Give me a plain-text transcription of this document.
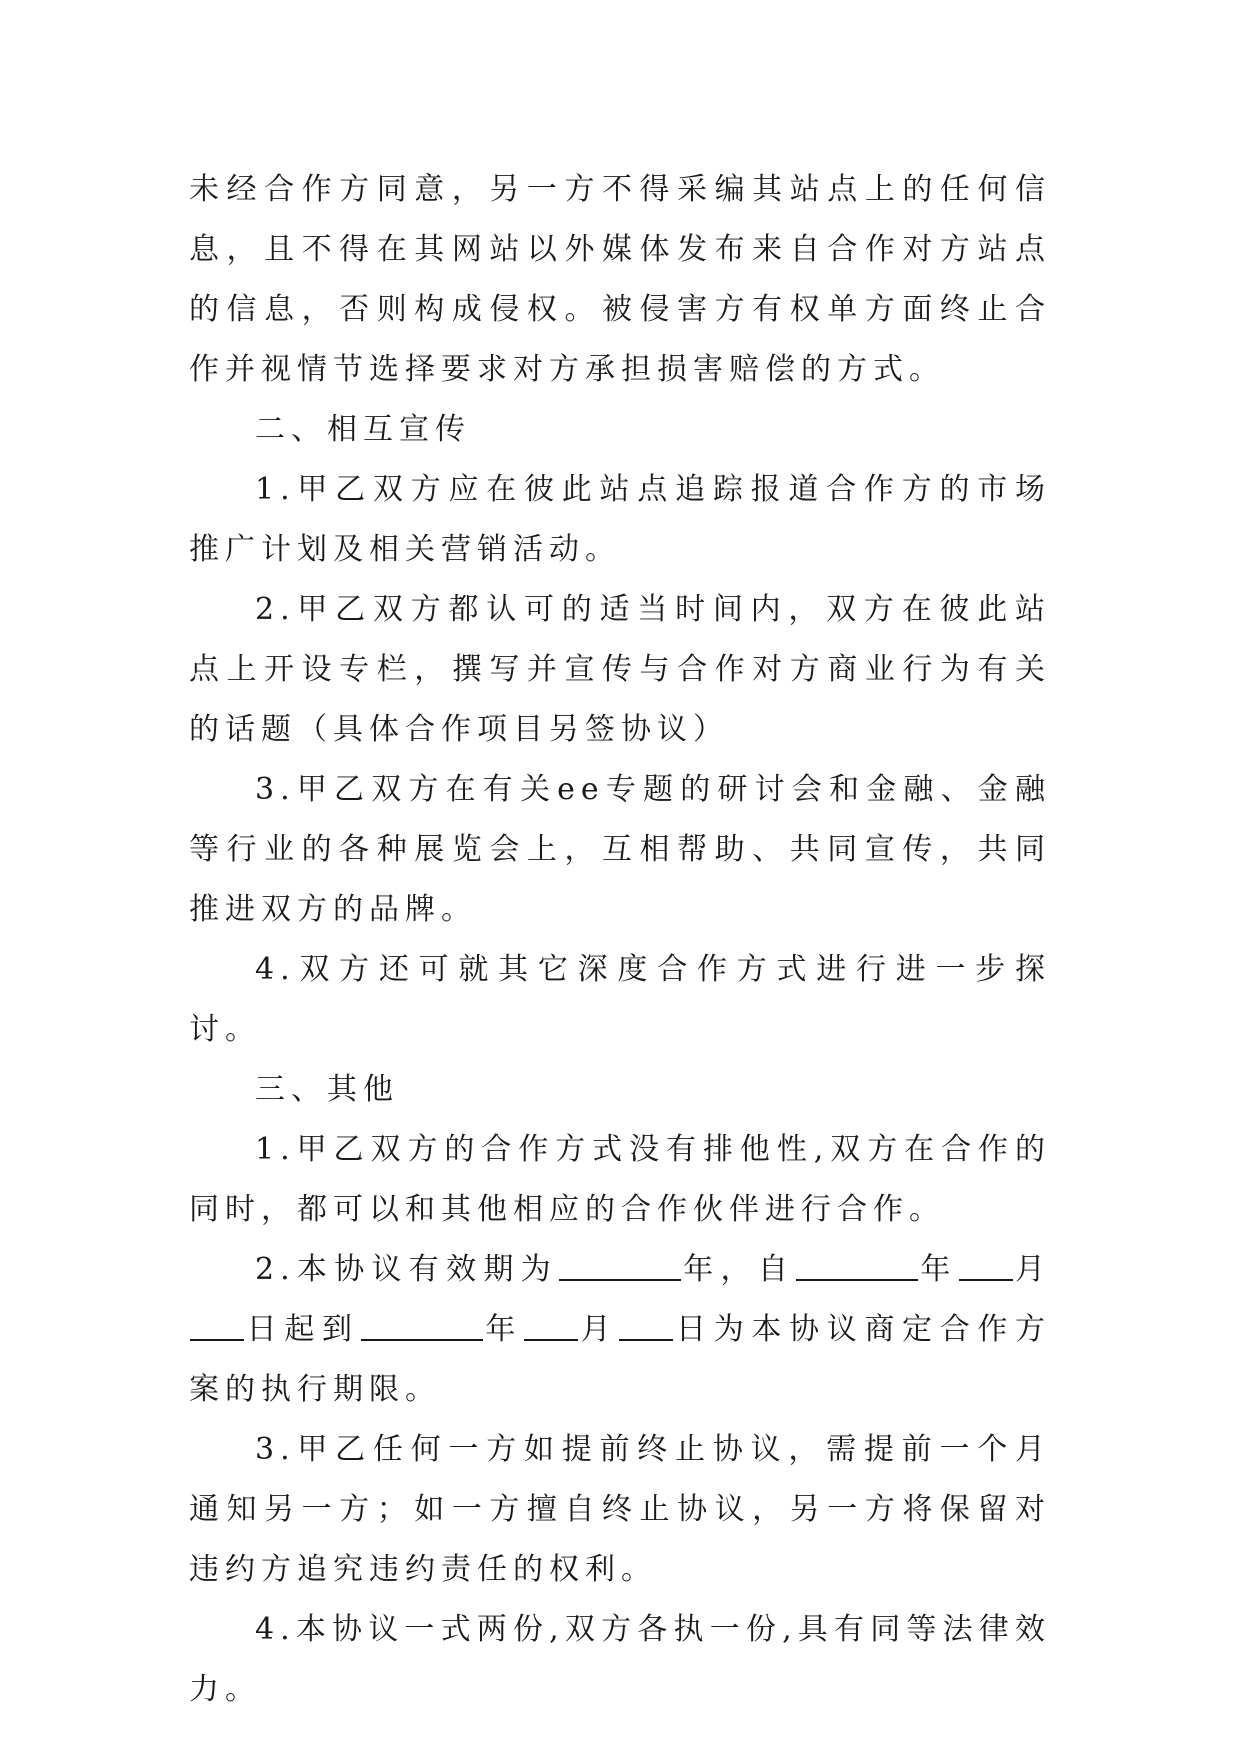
未经合作方同意，另一方不得采编其站点上的任何信息，且不得在其网站以外媒体发布来自合作对方站点的信息，否则构成侵权。被侵害方有权单方面终止合作并视情节选择要求对方承担损害赔偿的方式。

二、相互宣传

1.甲乙双方应在彼此站点追踪报道合作方的市场推广计划及相关营销活动。

2.甲乙双方都认可的适当时间内，双方在彼此站点上开设专栏，撰写并宣传与合作对方商业行为有关的话题（具体合作项目另签协议）

3.甲乙双方在有关ee专题的研讨会和金融、金融等行业的各种展览会上，互相帮助、共同宣传，共同推进双方的品牌。

4.双方还可就其它深度合作方式进行进一步探讨。

三、其他

1.甲乙双方的合作方式没有排他性,双方在合作的同时，都可以和其他相应的合作伙伴进行合作。

2.本协议有效期为	年，自	年 月日起到	年 月 日为本协议商定合作方案的执行期限。

3.甲乙任何一方如提前终止协议，需提前一个月通知另一方；如一方擅自终止协议，另一方将保留对违约方追究违约责任的权利。

4.本协议一式两份,双方各执一份,具有同等法律效力。
